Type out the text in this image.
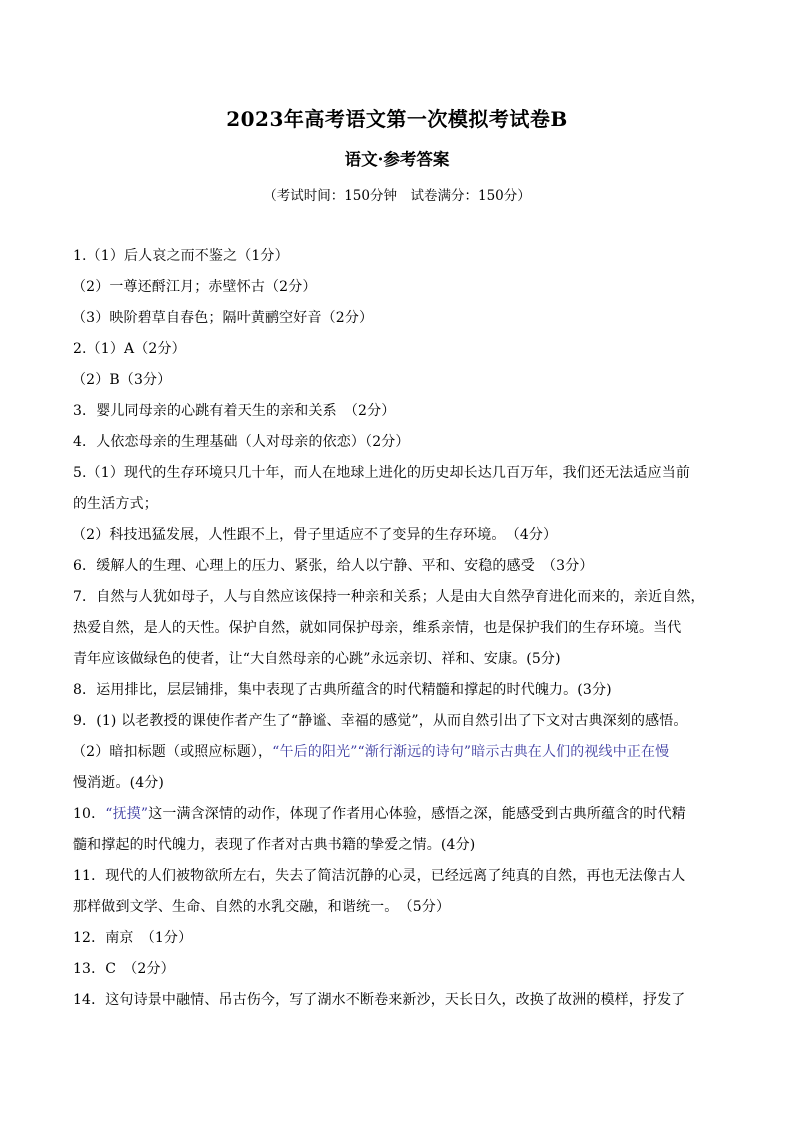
2023年高考语文第一次模拟考试卷B
语文·参考答案
（考试时间：150分钟　试卷满分：150分）
1.（1）后人哀之而不鉴之（1分）
（2）一尊还酹江月；赤壁怀古（2分）
（3）映阶碧草自春色；隔叶黄鹂空好音（2分）
2.（1）A（2分）
（2）B（3分）
3．婴儿同母亲的心跳有着天生的亲和关系　（2分）
4．人依恋母亲的生理基础（人对母亲的依恋）（2分）
5.（1）现代的生存环境只几十年，而人在地球上进化的历史却长达几百万年，我们还无法适应当前
的生活方式；
（2）科技迅猛发展，人性跟不上，骨子里适应不了变异的生存环境。　（4分）
6．缓解人的生理、心理上的压力、紧张，给人以宁静、平和、安稳的感受　（3分）
7．自然与人犹如母子，人与自然应该保持一种亲和关系；人是由大自然孕育进化而来的，亲近自然，
热爱自然，是人的天性。保护自然，就如同保护母亲，维系亲情，也是保护我们的生存环境。当代
青年应该做绿色的使者，让“大自然母亲的心跳”永远亲切、祥和、安康。(5分)
8．运用排比，层层铺排，集中表现了古典所蕴含的时代精髓和撑起的时代魄力。(3分)
9．(1) 以老教授的课使作者产生了“静谧、幸福的感觉”，从而自然引出了下文对古典深刻的感悟。
（2）暗扣标题（或照应标题），“午后的阳光”“渐行渐远的诗句”暗示古典在人们的视线中正在慢
慢消逝。(4分)
10．“抚摸”这一满含深情的动作，体现了作者用心体验，感悟之深，能感受到古典所蕴含的时代精
髓和撑起的时代魄力，表现了作者对古典书籍的挚爱之情。(4分)
11．现代的人们被物欲所左右，失去了简洁沉静的心灵，已经远离了纯真的自然，再也无法像古人
那样做到文学、生命、自然的水乳交融，和谐统一。　（5分）
12．南京　（1分）
13．C　（2分）
14．这句诗景中融情、吊古伤今，写了湖水不断卷来新沙，天长日久，改换了故洲的模样，抒发了
